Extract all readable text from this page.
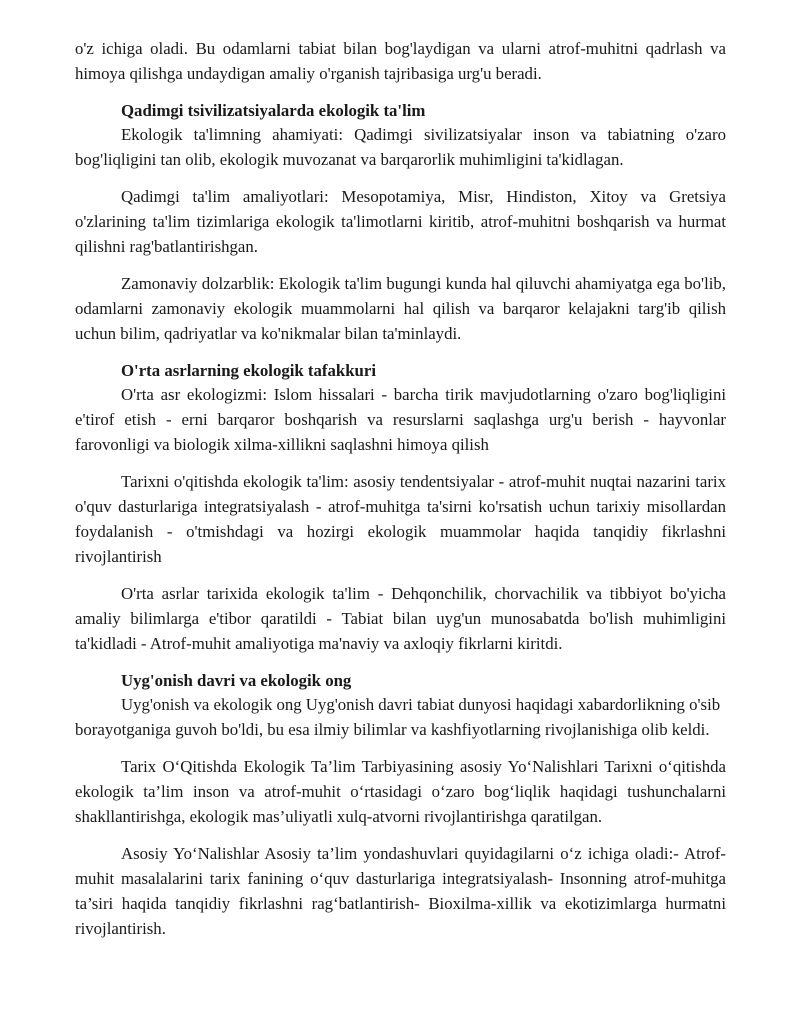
o'z ichiga oladi. Bu odamlarni tabiat bilan bog'laydigan va ularni atrof-muhitni qadrlash va himoya qilishga undaydigan amaliy o'rganish tajribasiga urg'u beradi.

Qadimgi tsivilizatsiyalarda ekologik ta'lim

Ekologik ta'limning ahamiyati: Qadimgi sivilizatsiyalar inson va tabiatning o'zaro bog'liqligini tan olib, ekologik muvozanat va barqarorlik muhimligini ta'kidlagan.

Qadimgi ta'lim amaliyotlari: Mesopotamiya, Misr, Hindiston, Xitoy va Gretsiya o'zlarining ta'lim tizimlariga ekologik ta'limotlarni kiritib, atrof-muhitni boshqarish va hurmat qilishni rag'batlantirishgan.

Zamonaviy dolzarblik: Ekologik ta'lim bugungi kunda hal qiluvchi ahamiyatga ega bo'lib, odamlarni zamonaviy ekologik muammolarni hal qilish va barqaror kelajakni targ'ib qilish uchun bilim, qadriyatlar va ko'nikmalar bilan ta'minlaydi.

O'rta asrlarning ekologik tafakkuri

O'rta asr ekologizmi: Islom hissalari - barcha tirik mavjudotlarning o'zaro bog'liqligini e'tirof etish - erni barqaror boshqarish va resurslarni saqlashga urg'u berish - hayvonlar farovonligi va biologik xilma-xillikni saqlashni himoya qilish

Tarixni o'qitishda ekologik ta'lim: asosiy tendentsiyalar - atrof-muhit nuqtai nazarini tarix o'quv dasturlariga integratsiyalash - atrof-muhitga ta'sirni ko'rsatish uchun tarixiy misollardan foydalanish - o'tmishdagi va hozirgi ekologik muammolar haqida tanqidiy fikrlashni rivojlantirish

O'rta asrlar tarixida ekologik ta'lim - Dehqonchilik, chorvachilik va tibbiyot bo'yicha amaliy bilimlarga e'tibor qaratildi - Tabiat bilan uyg'un munosabatda bo'lish muhimligini ta'kidladi - Atrof-muhit amaliyotiga ma'naviy va axloqiy fikrlarni kiritdi.

Uyg'onish davri va ekologik ong

Uyg'onish va ekologik ong Uyg'onish davri tabiat dunyosi haqidagi xabardorlikning o'sib borayotganiga guvoh bo'ldi, bu esa ilmiy bilimlar va kashfiyotlarning rivojlanishiga olib keldi.

Tarix O‘Qitishda Ekologik Ta’lim Tarbiyasining asosiy Yo‘Nalishlari Tarixni o‘qitishda ekologik ta’lim inson va atrof-muhit o‘rtasidagi o‘zaro bog‘liqlik haqidagi tushunchalarni shakllantirishga, ekologik mas’uliyatli xulq-atvorni rivojlantirishga qaratilgan.

Asosiy Yo‘Nalishlar Asosiy ta’lim yondashuvlari quyidagilarni o‘z ichiga oladi:- Atrof-muhit masalalarini tarix fanining o‘quv dasturlariga integratsiyalash- Insonning atrof-muhitga ta’siri haqida tanqidiy fikrlashni rag‘batlantirish- Bioxilma-xillik va ekotizimlarga hurmatni rivojlantirish.
